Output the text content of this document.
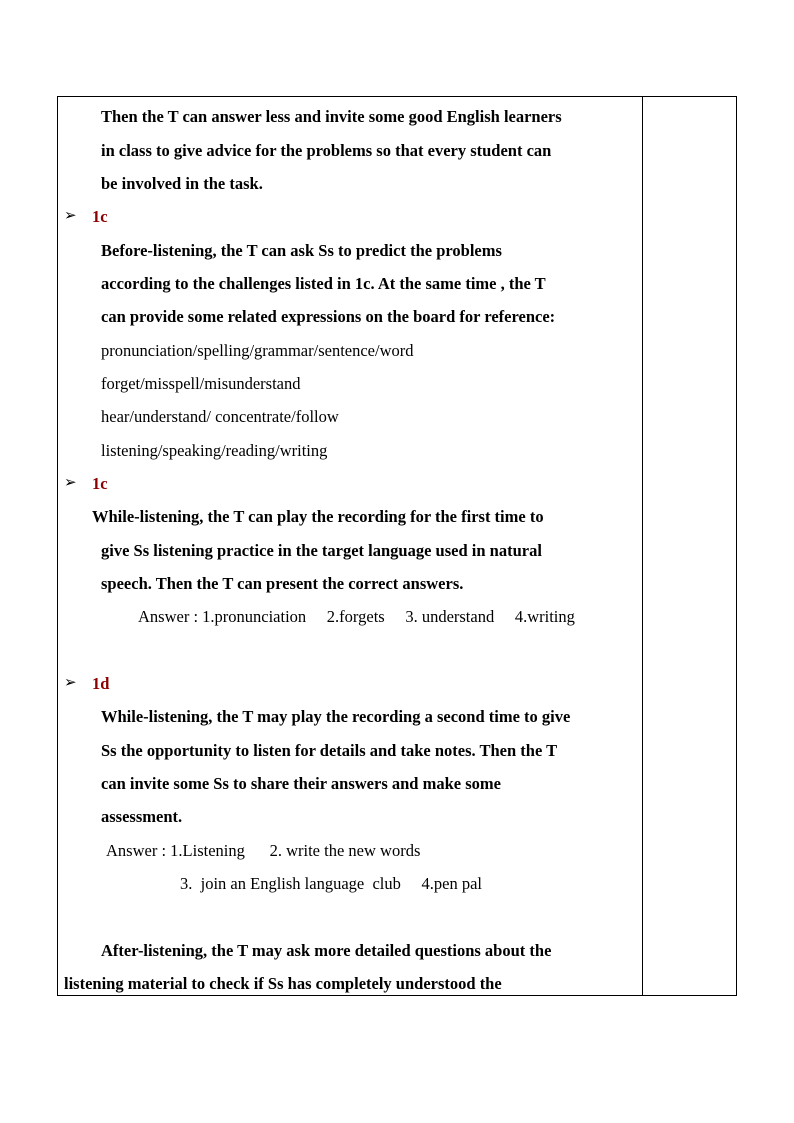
Then the T can answer less and invite some good English learners
in class to give advice for the problems so that every student can
be involved in the task.
➢ 1c
Before-listening, the T can ask Ss to predict the problems
according to the challenges listed in 1c. At the same time , the T
can provide some related expressions on the board for reference:
pronunciation/spelling/grammar/sentence/word
forget/misspell/misunderstand
hear/understand/ concentrate/follow
listening/speaking/reading/writing
➢ 1c
While-listening, the T can play the recording for the first time to
give Ss listening practice in the target language used in natural
speech. Then the T can present the correct answers.
Answer : 1.pronunciation     2.forgets     3. understand     4.writing
➢ 1d
While-listening, the T may play the recording a second time to give
Ss the opportunity to listen for details and take notes. Then the T
can invite some Ss to share their answers and make some
assessment.
Answer : 1.Listening      2. write the new words
3.  join an English language  club     4.pen pal
After-listening, the T may ask more detailed questions about the
listening material to check if Ss has completely understood the
